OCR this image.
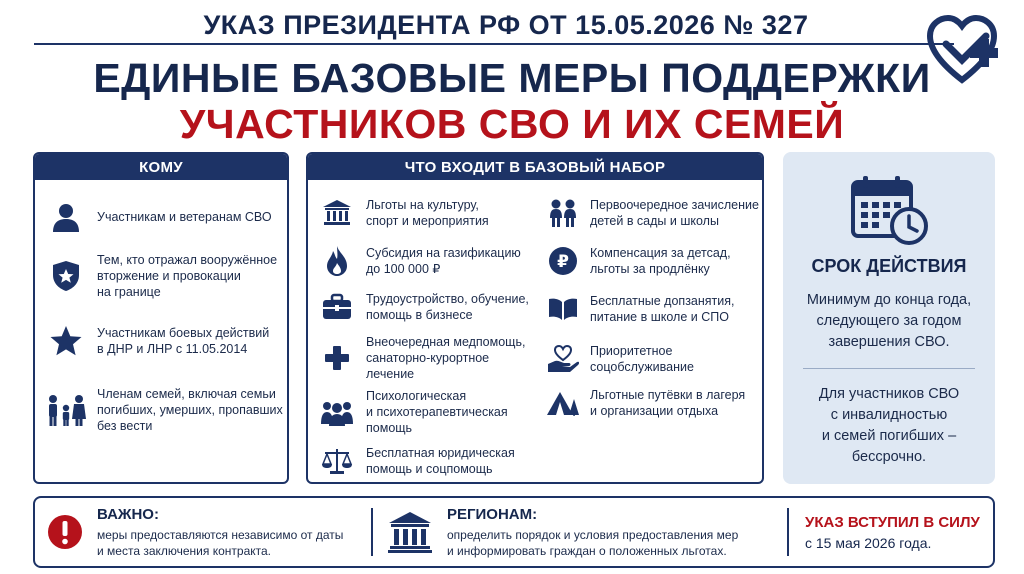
УКАЗ ПРЕЗИДЕНТА РФ ОТ 15.05.2026 № 327
ЕДИНЫЕ БАЗОВЫЕ МЕРЫ ПОДДЕРЖКИ
УЧАСТНИКОВ СВО И ИХ СЕМЕЙ
КОМУ
Участникам и ветеранам СВО
Тем, кто отражал вооружённое
вторжение и провокации
на границе
Участникам боевых действий
в ДНР и ЛНР с 11.05.2014
Членам семей, включая семьи
погибших, умерших, пропавших
без вести
ЧТО ВХОДИТ В БАЗОВЫЙ НАБОР
Льготы на культуру,
спорт и мероприятия
Субсидия на газификацию
до 100 000 ₽
Трудоустройство, обучение,
помощь в бизнесе
Внеочередная медпомощь,
санаторно-курортное
лечение
Психологическая
и психотерапевтическая
помощь
Бесплатная юридическая
помощь и соцпомощь
Первоочередное зачисление
детей в сады и школы
₽ Компенсация за детсад,
льготы за продлёнку
Бесплатные допзанятия,
питание в школе и СПО
Приоритетное соцобслуживание
Льготные путёвки в лагеря
и организации отдыха
СРОК ДЕЙСТВИЯ
Минимум до конца года,
следующего за годом
завершения СВО.
Для участников СВО
с инвалидностью
и семей погибших –
бессрочно.
ВАЖНО:
меры предоставляются независимо от даты
и места заключения контракта.
РЕГИОНАМ:
определить порядок и условия предоставления мер
и информировать граждан о положенных льготах.
УКАЗ ВСТУПИЛ В СИЛУ
с 15 мая 2026 года.
